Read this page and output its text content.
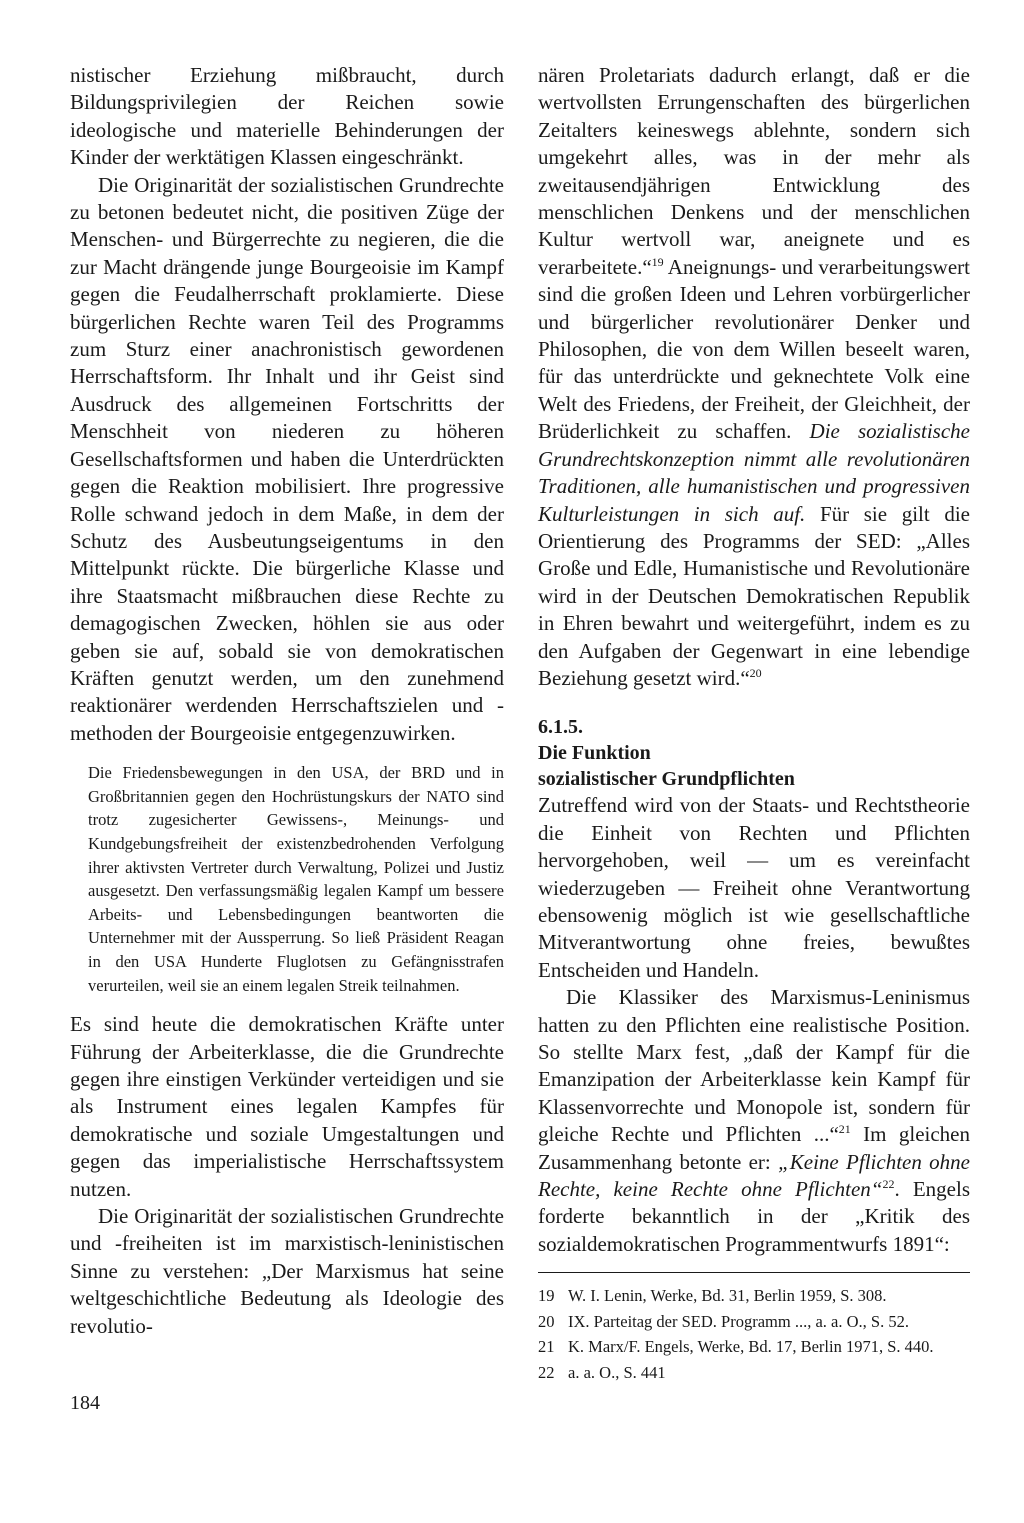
nistischer Erziehung mißbraucht, durch Bildungsprivilegien der Reichen sowie ideologische und materielle Behinderungen der Kinder der werktätigen Klassen eingeschränkt.

Die Originarität der sozialistischen Grundrechte zu betonen bedeutet nicht, die positiven Züge der Menschen- und Bürgerrechte zu negieren, die die zur Macht drängende junge Bourgeoisie im Kampf gegen die Feudalherrschaft proklamierte. Diese bürgerlichen Rechte waren Teil des Programms zum Sturz einer anachronistisch gewordenen Herrschaftsform. Ihr Inhalt und ihr Geist sind Ausdruck des allgemeinen Fortschritts der Menschheit von niederen zu höheren Gesellschaftsformen und haben die Unterdrückten gegen die Reaktion mobilisiert. Ihre progressive Rolle schwand jedoch in dem Maße, in dem der Schutz des Ausbeutungseigentums in den Mittelpunkt rückte. Die bürgerliche Klasse und ihre Staatsmacht mißbrauchen diese Rechte zu demagogischen Zwecken, höhlen sie aus oder geben sie auf, sobald sie von demokratischen Kräften genutzt werden, um den zunehmend reaktionärer werdenden Herrschaftszielen und -methoden der Bourgeoisie entgegenzuwirken.

Die Friedensbewegungen in den USA, der BRD und in Großbritannien gegen den Hochrüstungskurs der NATO sind trotz zugesicherter Gewissens-, Meinungs- und Kundgebungsfreiheit der existenzbedrohenden Verfolgung ihrer aktivsten Vertreter durch Verwaltung, Polizei und Justiz ausgesetzt. Den verfassungsmäßig legalen Kampf um bessere Arbeits- und Lebensbedingungen beantworten die Unternehmer mit der Aussperrung. So ließ Präsident Reagan in den USA Hunderte Fluglotsen zu Gefängnisstrafen verurteilen, weil sie an einem legalen Streik teilnahmen.

Es sind heute die demokratischen Kräfte unter Führung der Arbeiterklasse, die die Grundrechte gegen ihre einstigen Verkünder verteidigen und sie als Instrument eines legalen Kampfes für demokratische und soziale Umgestaltungen und gegen das imperialistische Herrschaftssystem nutzen.

Die Originarität der sozialistischen Grundrechte und -freiheiten ist im marxistisch-leninistischen Sinne zu verstehen: „Der Marxismus hat seine weltgeschichtliche Bedeutung als Ideologie des revolutio-

nären Proletariats dadurch erlangt, daß er die wertvollsten Errungenschaften des bürgerlichen Zeitalters keineswegs ablehnte, sondern sich umgekehrt alles, was in der mehr als zweitausendjährigen Entwicklung des menschlichen Denkens und der menschlichen Kultur wertvoll war, aneignete und es verarbeitete.“$^{19}$ Aneignungs- und verarbeitungswert sind die großen Ideen und Lehren vorbürgerlicher und bürgerlicher revolutionärer Denker und Philosophen, die von dem Willen beseelt waren, für das unterdrückte und geknechtete Volk eine Welt des Friedens, der Freiheit, der Gleichheit, der Brüderlichkeit zu schaffen. Die sozialistische Grundrechtskonzeption nimmt alle revolutionären Traditionen, alle humanistischen und progressiven Kulturleistungen in sich auf. Für sie gilt die Orientierung des Programms der SED: „Alles Große und Edle, Humanistische und Revolutionäre wird in der Deutschen Demokratischen Republik in Ehren bewahrt und weitergeführt, indem es zu den Aufgaben der Gegenwart in eine lebendige Beziehung gesetzt wird.“$^{20}$

6.1.5.
Die Funktion
sozialistischer Grundpflichten

Zutreffend wird von der Staats- und Rechtstheorie die Einheit von Rechten und Pflichten hervorgehoben, weil — um es vereinfacht wiederzugeben — Freiheit ohne Verantwortung ebensowenig möglich ist wie gesellschaftliche Mitverantwortung ohne freies, bewußtes Entscheiden und Handeln.

Die Klassiker des Marxismus-Leninismus hatten zu den Pflichten eine realistische Position. So stellte Marx fest, „daß der Kampf für die Emanzipation der Arbeiterklasse kein Kampf für Klassenvorrechte und Monopole ist, sondern für gleiche Rechte und Pflichten ...“$^{21}$ Im gleichen Zusammenhang betonte er: „Keine Pflichten ohne Rechte, keine Rechte ohne Pflichten“$^{22}$. Engels forderte bekanntlich in der „Kritik des sozialdemokratischen Programmentwurfs 1891“:

19 W. I. Lenin, Werke, Bd. 31, Berlin 1959, S. 308.
20 IX. Parteitag der SED. Programm ..., a. a. O., S. 52.
21 K. Marx/F. Engels, Werke, Bd. 17, Berlin 1971, S. 440.
22 a. a. O., S. 441
184
